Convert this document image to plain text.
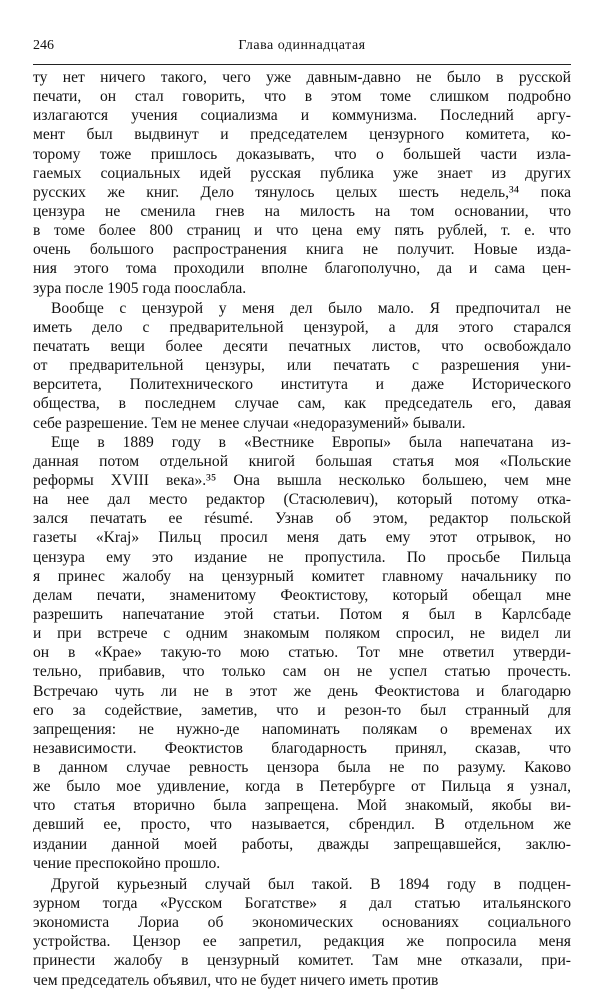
246	Глава одиннадцатая
ту нет ничего такого, чего уже давным-давно не было в русской
печати, он стал говорить, что в этом томе слишком подробно
излагаются учения социализма и коммунизма. Последний аргу-
мент был выдвинут и председателем цензурного комитета, ко-
торому тоже пришлось доказывать, что о большей части изла-
гаемых социальных идей русская публика уже знает из других
русских же книг. Дело тянулось целых шесть недель,³⁴ пока
цензура не сменила гнев на милость на том основании, что
в томе более 800 страниц и что цена ему пять рублей, т. е. что
очень большого распространения книга не получит. Новые изда-
ния этого тома проходили вполне благополучно, да и сама цен-
зура после 1905 года пооcлабла.
Вообще с цензурой у меня дел было мало. Я предпочитал не
иметь дело с предварительной цензурой, а для этого старался
печатать вещи более десяти печатных листов, что освобождало
от предварительной цензуры, или печатать с разрешения уни-
верситета, Политехнического института и даже Исторического
общества, в последнем случае сам, как председатель его, давая
себе разрешение. Тем не менее случаи «недоразумений» бывали.
Еще в 1889 году в «Вестнике Европы» была напечатана из-
данная потом отдельной книгой большая статья моя «Польские
реформы XVIII века».³⁵ Она вышла несколько большею, чем мне
на нее дал место редактор (Стасюлевич), который потому отка-
зался печатать ее résumé. Узнав об этом, редактор польской
газеты «Kraj» Пильц просил меня дать ему этот отрывок, но
цензура ему это издание не пропустила. По просьбе Пильца
я принес жалобу на цензурный комитет главному начальнику по
делам печати, знаменитому Феоктистову, который обещал мне
разрешить напечатание этой статьи. Потом я был в Карлсбаде
и при встрече с одним знакомым поляком спросил, не видел ли
он в «Крае» такую-то мою статью. Тот мне ответил утверди-
тельно, прибавив, что только сам он не успел статью прочесть.
Встречаю чуть ли не в этот же день Феоктистова и благодарю
его за содействие, заметив, что и резон-то был странный для
запрещения: не нужно-де напоминать полякам о временах их
независимости. Феоктистов благодарность принял, сказав, что
в данном случае ревность цензора была не по разуму. Каково
же было мое удивление, когда в Петербурге от Пильца я узнал,
что статья вторично была запрещена. Мой знакомый, якобы ви-
девший ее, просто, что называется, сбрендил. В отдельном же
издании данной моей работы, дважды запрещавшейся, заклю-
чение преспокойно прошло.
Другой курьезный случай был такой. В 1894 году в подцен-
зурном тогда «Русском Богатстве» я дал статью итальянского
экономиста Лориа об экономических основаниях социального
устройства. Цензор ее запретил, редакция же попросила меня
принести жалобу в цензурный комитет. Там мне отказали, при-
чем председатель объявил, что не будет ничего иметь против
